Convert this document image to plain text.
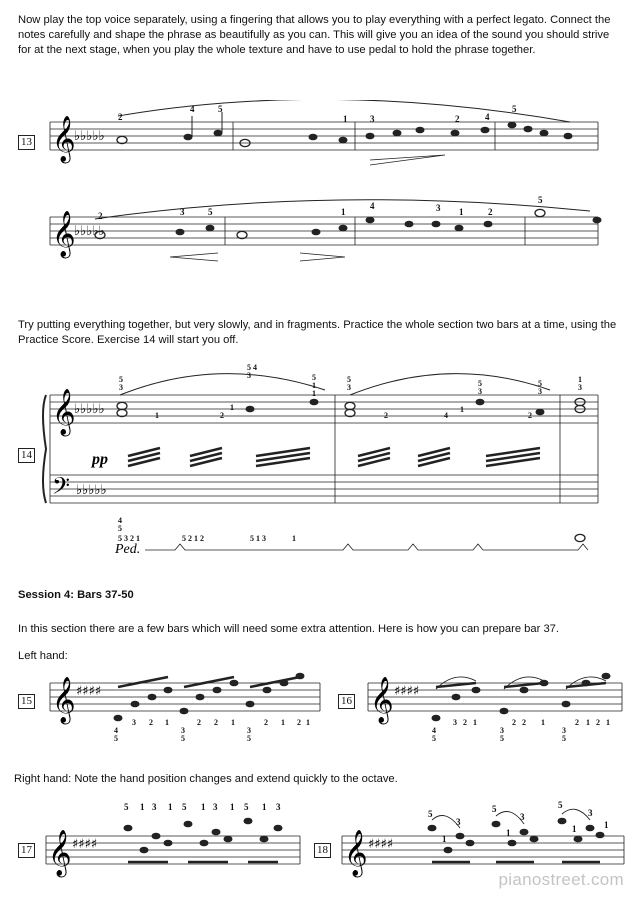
Now play the top voice separately, using a fingering that allows you to play everything with a perfect legato. Connect the notes carefully and shape the phrase as beautifully as you can. This will give you an idea of the sound you should strive for at the next stage, when you play the whole texture and have to use pedal to hold the phrase together.
13 𝄞
♭♭♭♭♭
2
4	5
1	3	2	4
5
𝄞
♭♭♭♭♭
2	3	5	1
4	3 1	2
5
Try putting everything together, but very slowly, and in fragments. Practice the whole section two bars at a time, using the Practice Score. Exercise 14 will start you off.
14
𝄞
𝄢
♭♭♭♭♭
♭♭♭♭♭
pp
5
3
5 4
3	5
1
5
3	5
3
5
3
1
3
1
1	2
1
2	4
1
2
4
5
5 3 2 1	5 2 1 2	5 1 3	1
Ped.
Session 4: Bars 37-50
In this section there are a few bars which will need some extra attention. Here is how you can prepare bar 37.
Left hand:
15	16
𝄞	𝄞
♯♯♯♯	♯♯♯♯
4
5
3 2 1	2
3
5
2 1	2
3
5
1 2 1
4
5
3 2 1	2
3
5
2 1	2
3
5
1 2 1
Right hand: Note the hand position changes and extend quickly to the octave.
17	18
𝄞	𝄞
♯♯♯♯	♯♯♯♯
5 1 3 1 5 1 3 1 5 1 3
5
1
3
5
1
3
5
1
3
1
pianostreet.com
